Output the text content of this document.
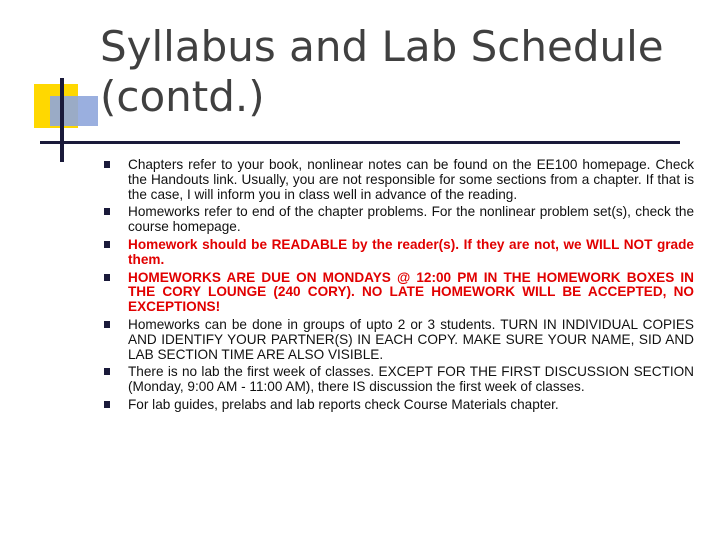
Syllabus and Lab Schedule
(contd.)
Chapters refer to your book, nonlinear notes can be found on the EE100 homepage. Check the Handouts link. Usually, you are not responsible for some sections from a chapter. If that is the case, I will inform you in class well in advance of the reading.
Homeworks refer to end of the chapter problems. For the nonlinear problem set(s), check the course homepage.
Homework should be READABLE by the reader(s). If they are not, we WILL NOT grade them.
HOMEWORKS ARE DUE ON MONDAYS @ 12:00 PM IN THE HOMEWORK BOXES IN THE CORY LOUNGE (240 CORY). NO LATE HOMEWORK WILL BE ACCEPTED, NO EXCEPTIONS!
Homeworks can be done in groups of upto 2 or 3 students. TURN IN INDIVIDUAL COPIES AND IDENTIFY YOUR PARTNER(S) IN EACH COPY. MAKE SURE YOUR NAME, SID AND LAB SECTION TIME ARE ALSO VISIBLE.
There is no lab the first week of classes. EXCEPT FOR THE FIRST DISCUSSION SECTION (Monday, 9:00 AM - 11:00 AM), there IS discussion the first week of classes.
For lab guides, prelabs and lab reports check Course Materials chapter.
